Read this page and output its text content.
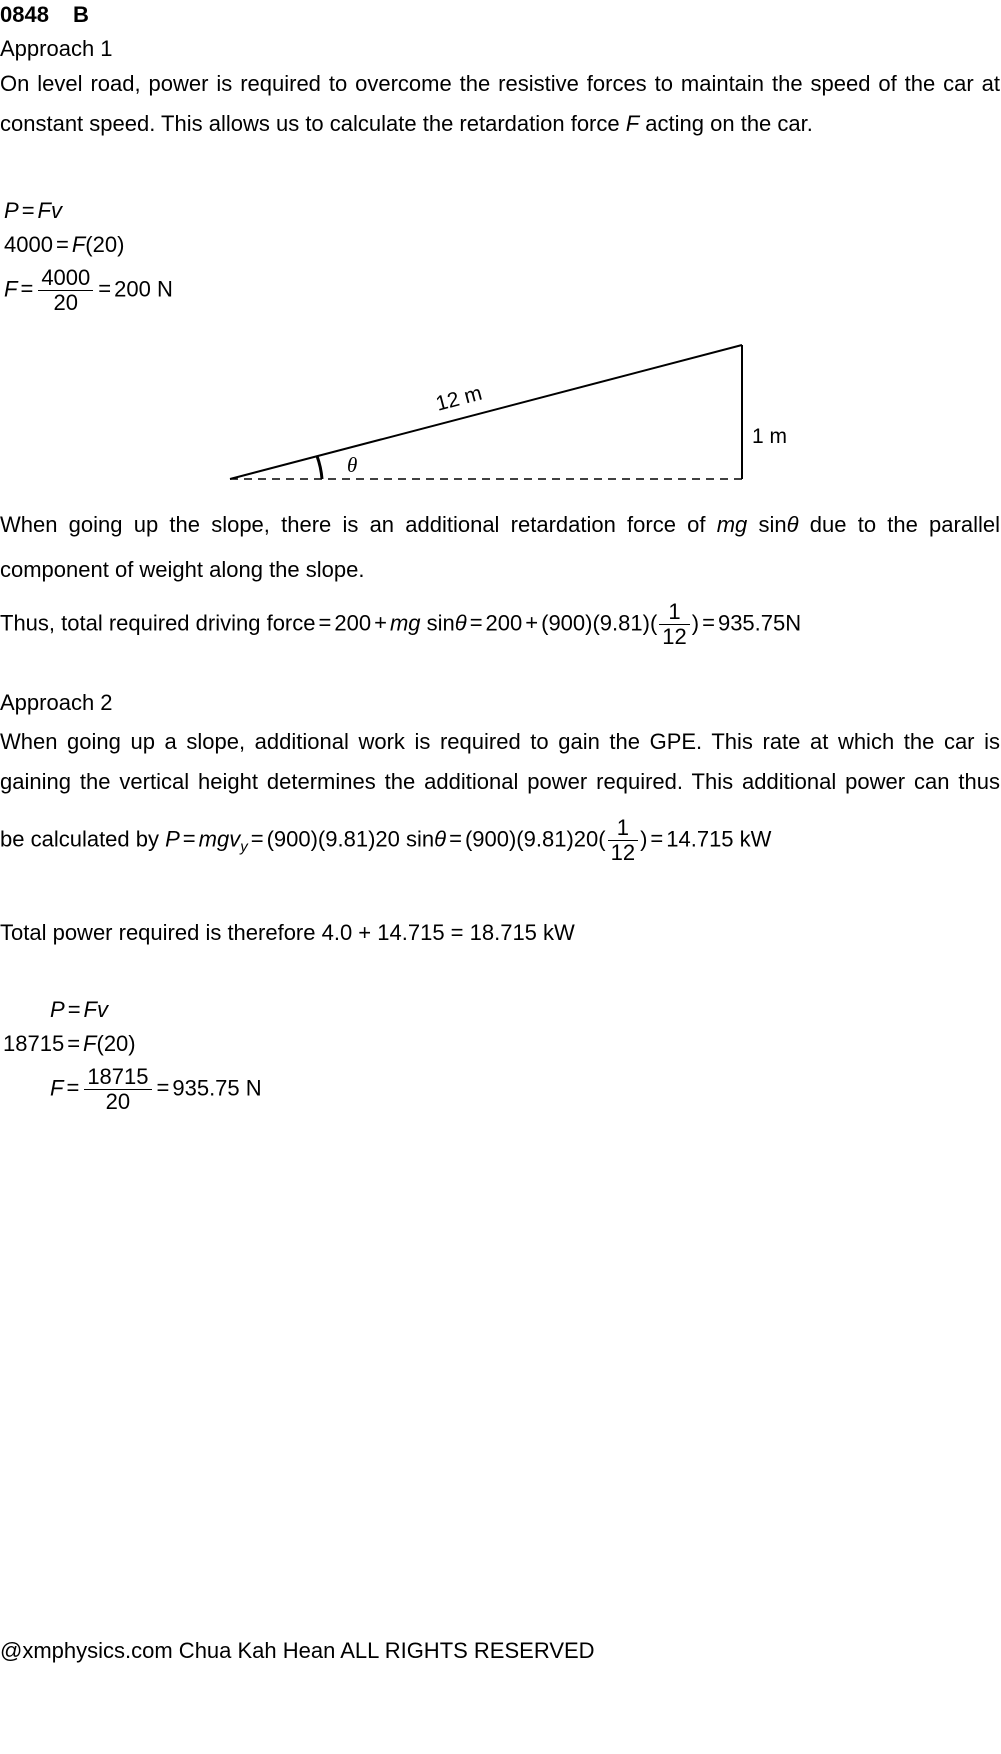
0848 B
Approach 1
On level road, power is required to overcome the resistive forces to maintain the speed of the car at
constant speed. This allows us to calculate the retardation force F acting on the car.
P = Fv
4000 = F(20)
$F = \frac{4000}{20} = 200$ N
12 m
1 m
θ
When going up the slope, there is an additional retardation force of mg sinθ due to the parallel
component of weight along the slope.
Thus, total required driving force = 200 + mg $\sin\theta = 200 + (900)(9.81)( \frac{1}{12}$ ) = 935.75N
Approach 2
When going up a slope, additional work is required to gain the GPE. This rate at which the car is
gaining the vertical height determines the additional power required. This additional power can thus
be calculated by P = mgv$_y$ = (900)(9.81)20 $\sin\theta = (900)(9.81)20( \frac{1}{12}$ ) = 14.715 kW
Total power required is therefore 4.0 + 14.715 = 18.715 kW
P = Fv
18715 = F(20)
$F = \frac{18715}{20} = 935.75$ N
@xmphysics.com Chua Kah Hean ALL RIGHTS RESERVED
